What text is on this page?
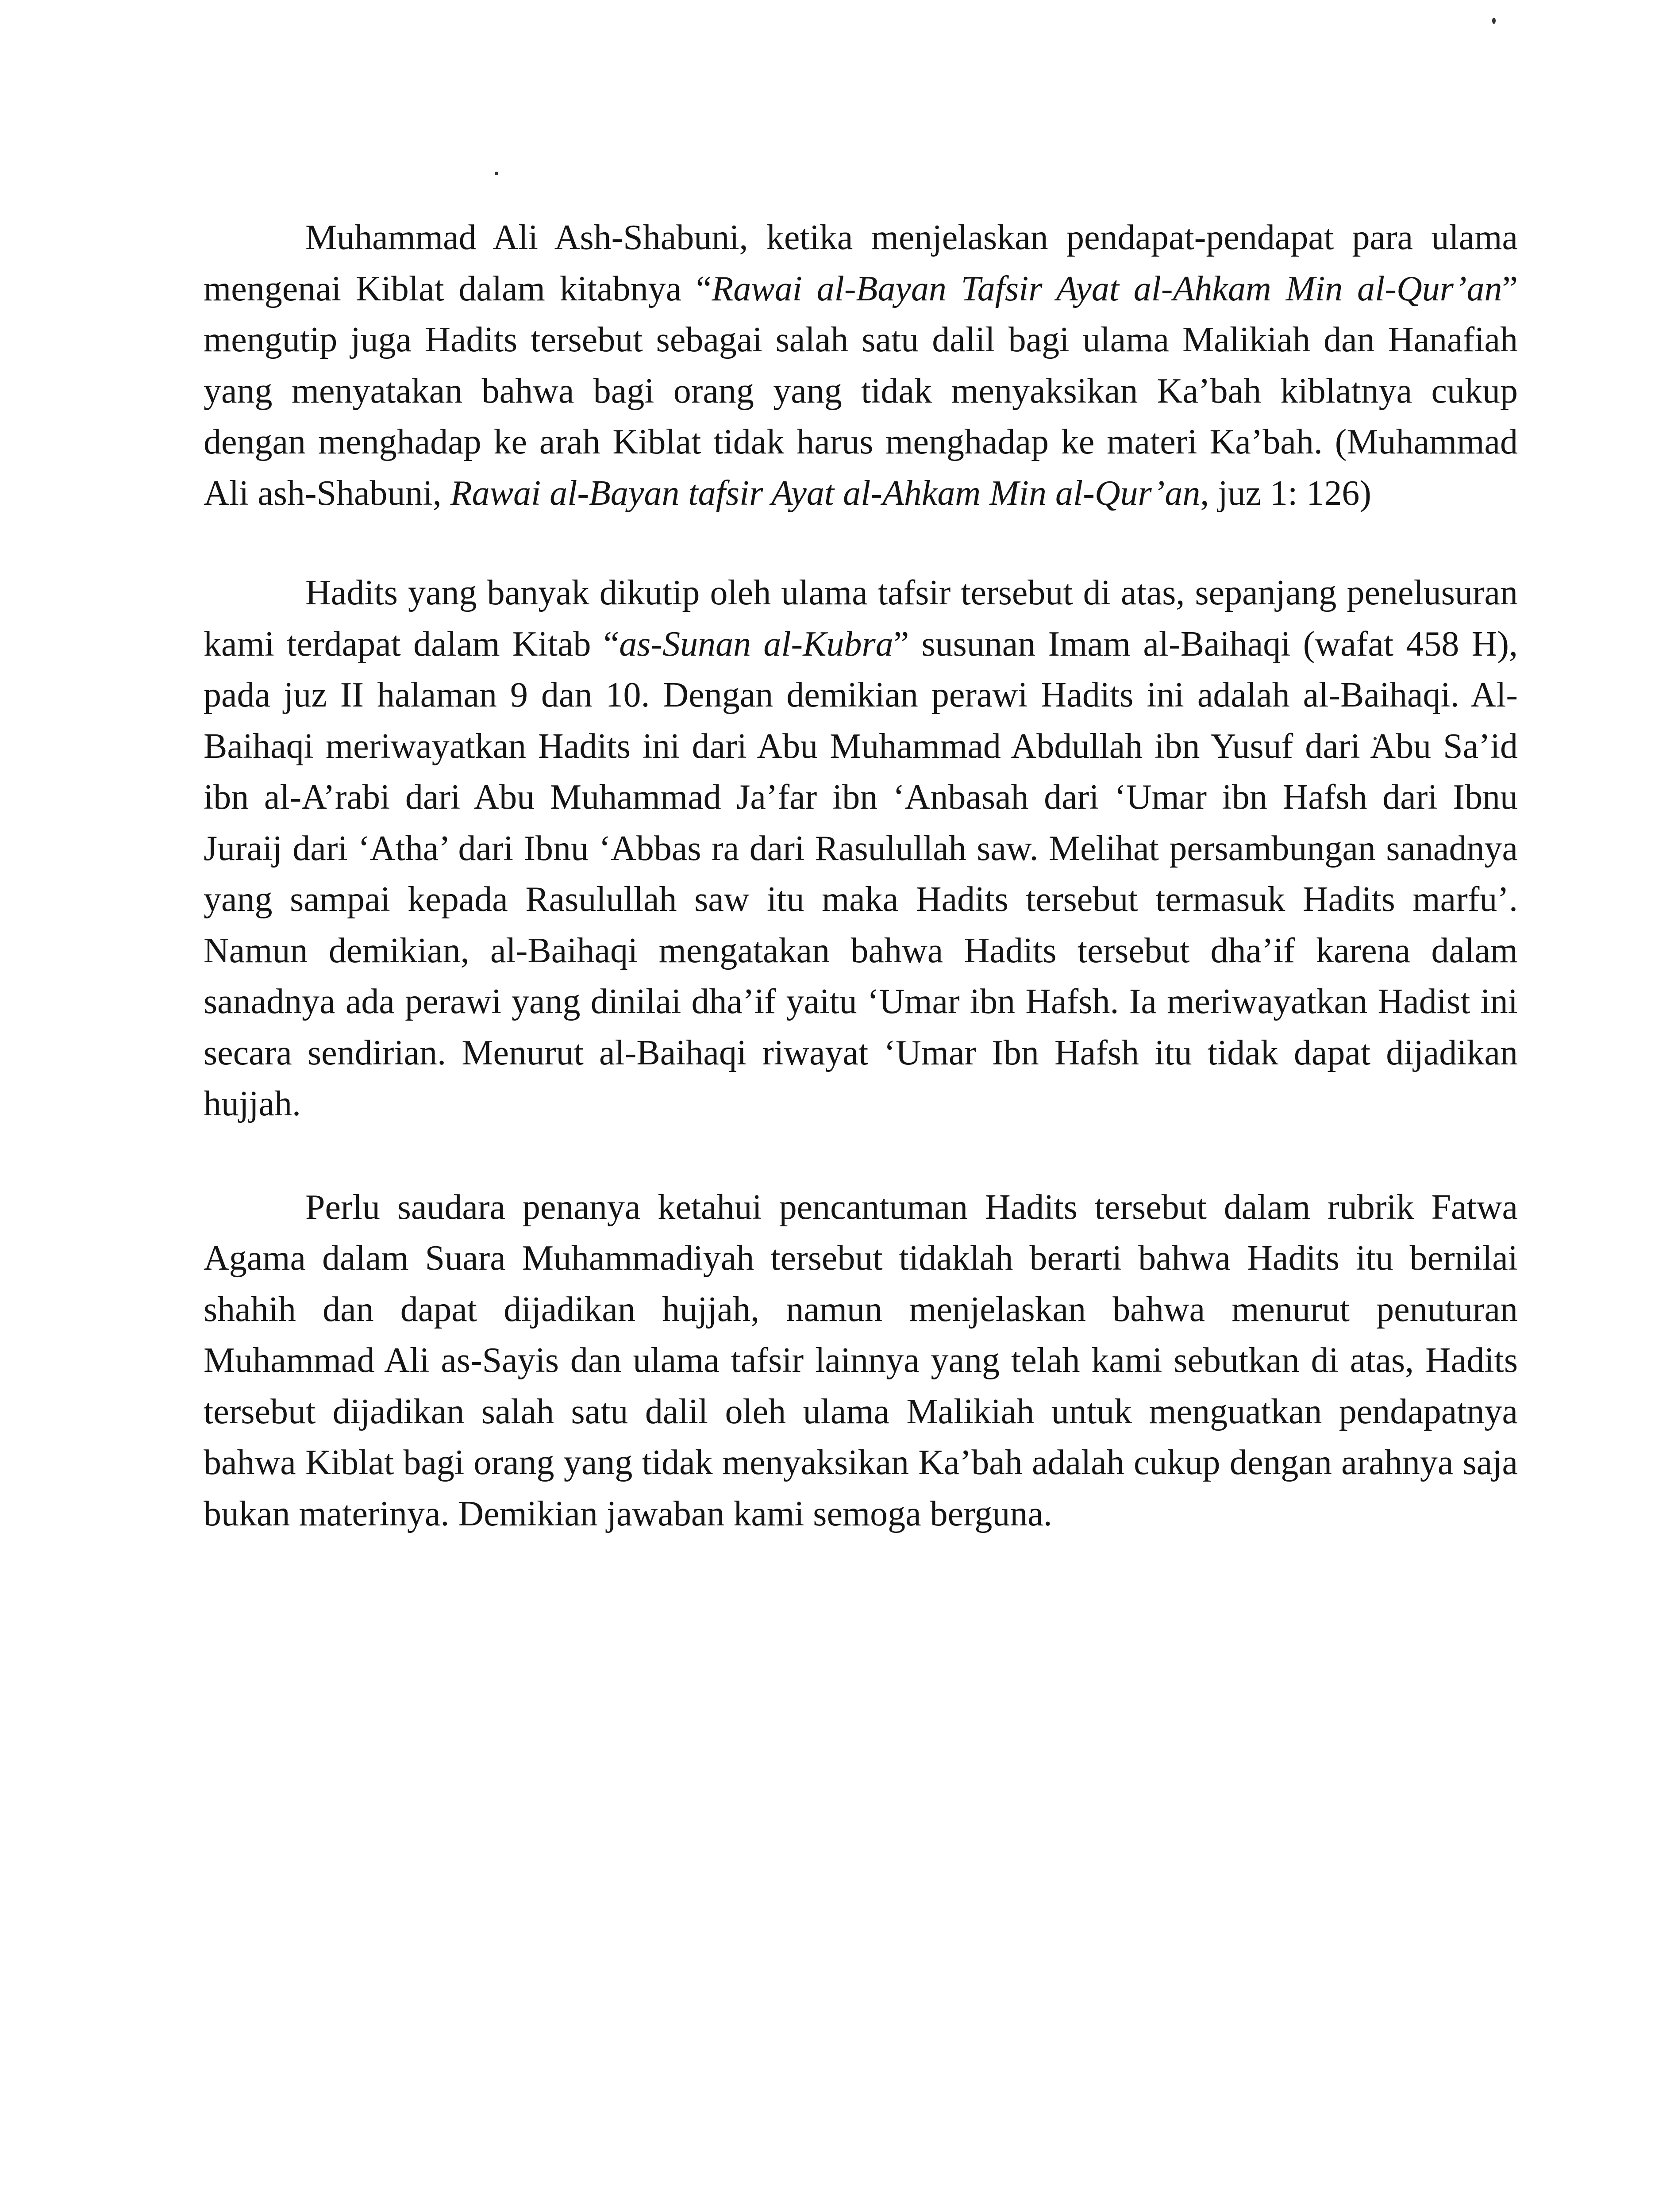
Muhammad Ali Ash-Shabuni, ketika menjelaskan pendapat-pendapat para ulama mengenai Kiblat dalam kitabnya “Rawai al-Bayan Tafsir Ayat al-Ahkam Min al-Qur’an” mengutip juga Hadits tersebut sebagai salah satu dalil bagi ulama Malikiah dan Hanafiah yang menyatakan bahwa bagi orang yang tidak menyaksikan Ka’bah kiblatnya cukup dengan menghadap ke arah Kiblat tidak harus menghadap ke materi Ka’bah. (Muhammad Ali ash-Shabuni, Rawai al-Bayan tafsir Ayat al-Ahkam Min al-Qur’an, juz 1: 126)

Hadits yang banyak dikutip oleh ulama tafsir tersebut di atas, sepanjang penelusuran kami terdapat dalam Kitab “as-Sunan al-Kubra” susunan Imam al-Baihaqi (wafat 458 H), pada juz II halaman 9 dan 10. Dengan demikian perawi Hadits ini adalah al-Baihaqi. Al-Baihaqi meriwayatkan Hadits ini dari Abu Muhammad Abdullah ibn Yusuf dari Abu Sa’id ibn al-A’rabi dari Abu Muhammad Ja’far ibn ‘Anbasah dari ‘Umar ibn Hafsh dari Ibnu Juraij dari ‘Atha’ dari Ibnu ‘Abbas ra dari Rasulullah saw. Melihat persambungan sanadnya yang sampai kepada Rasulullah saw itu maka Hadits tersebut termasuk Hadits marfu’. Namun demikian, al-Baihaqi mengatakan bahwa Hadits tersebut dha’if karena dalam sanadnya ada perawi yang dinilai dha’if yaitu ‘Umar ibn Hafsh. Ia meriwayatkan Hadist ini secara sendirian. Menurut al-Baihaqi riwayat ‘Umar Ibn Hafsh itu tidak dapat dijadikan hujjah.

Perlu saudara penanya ketahui pencantuman Hadits tersebut dalam rubrik Fatwa Agama dalam Suara Muhammadiyah tersebut tidaklah berarti bahwa Hadits itu bernilai shahih dan dapat dijadikan hujjah, namun menjelaskan bahwa menurut penuturan Muhammad Ali as-Sayis dan ulama tafsir lainnya yang telah kami sebutkan di atas, Hadits tersebut dijadikan salah satu dalil oleh ulama Malikiah untuk menguatkan pendapatnya bahwa Kiblat bagi orang yang tidak menyaksikan Ka’bah adalah cukup dengan arahnya saja bukan materinya. Demikian jawaban kami semoga berguna.
